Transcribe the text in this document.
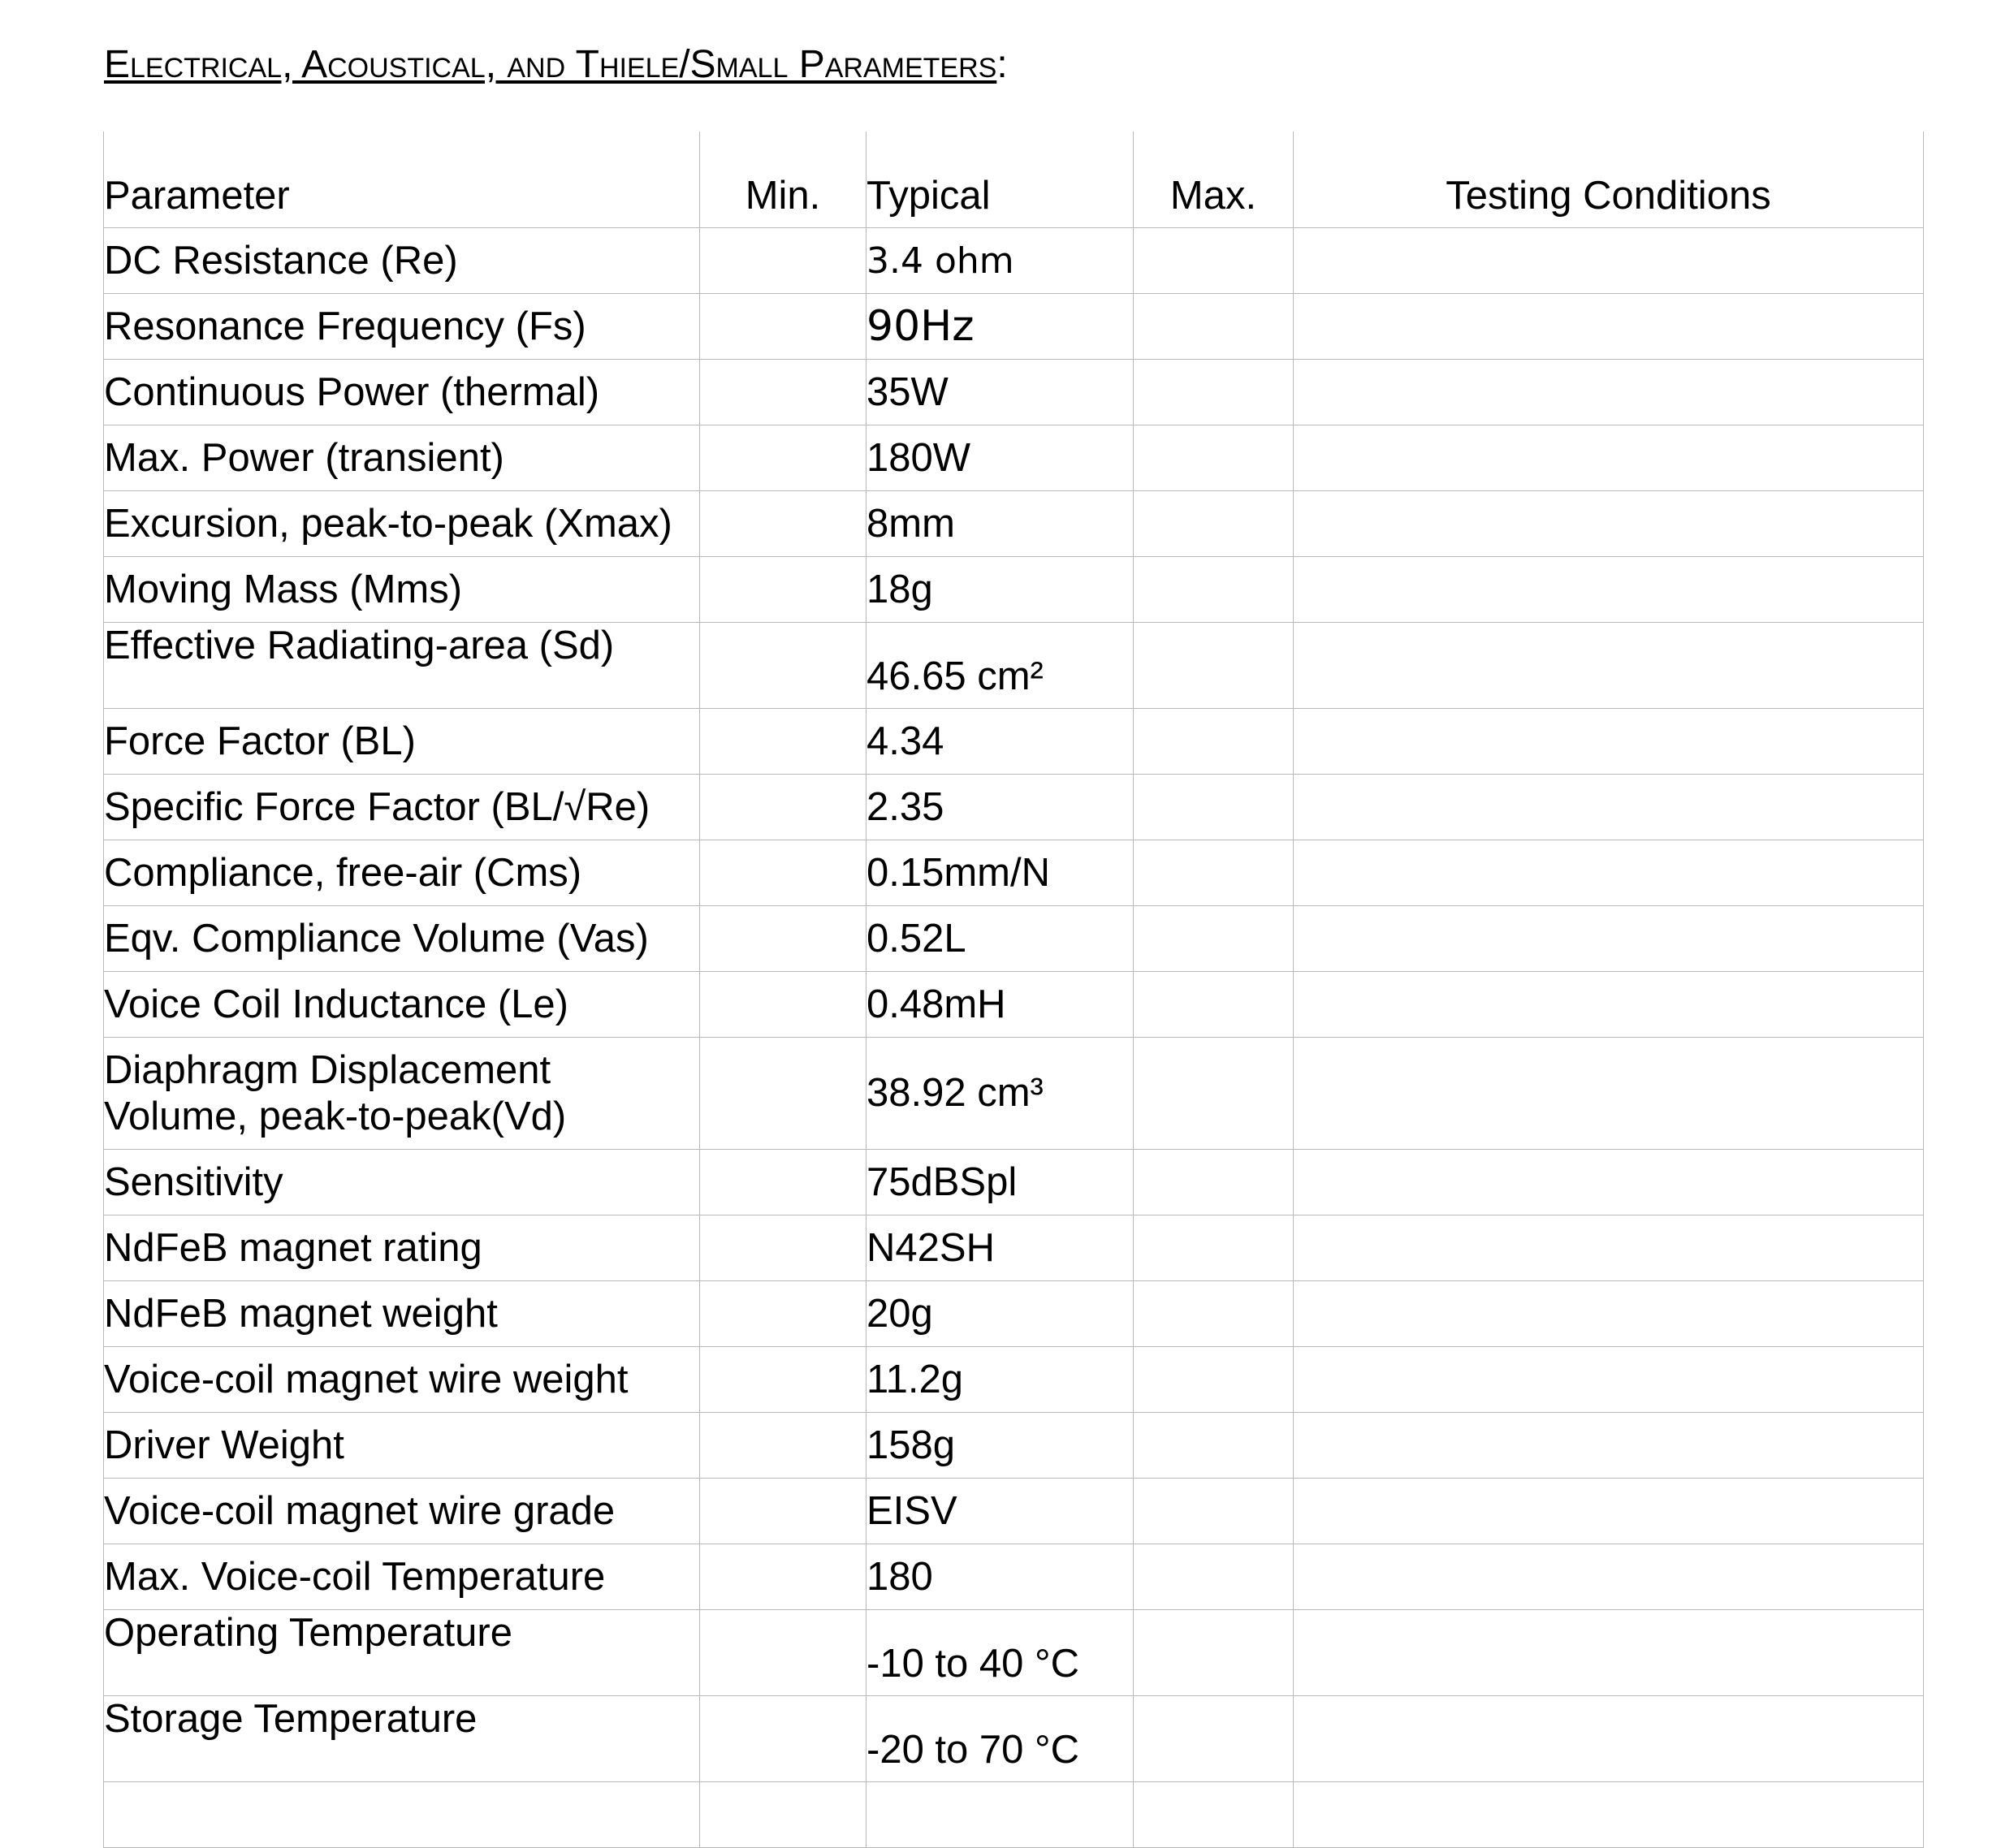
Electrical, Acoustical, and Thiele/Small Parameters:
Parameter	Min.	Typical	Max.	Testing Conditions
DC Resistance (Re)		3.4 ohm		
Resonance Frequency (Fs)		90Hz		
Continuous Power (thermal)		35W		
Max. Power (transient)		180W		
Excursion, peak-to-peak (Xmax)		8mm		
Moving Mass (Mms)		18g		
Effective Radiating-area (Sd)		46.65 cm²		
Force Factor (BL)		4.34		
Specific Force Factor (BL/√Re)		2.35		
Compliance, free-air (Cms)		0.15mm/N		
Eqv. Compliance Volume (Vas)		0.52L		
Voice Coil Inductance (Le)		0.48mH		

Diaphragm Displacement
Volume, peak-to-peak(Vd)		38.92 cm³		
Sensitivity		75dBSpl		
NdFeB magnet rating		N42SH		
NdFeB magnet weight		20g		
Voice-coil magnet wire weight		11.2g		
Driver Weight		158g		
Voice-coil magnet wire grade		EISV		
Max. Voice-coil Temperature		180		
Operating Temperature		-10 to 40 °C		
Storage Temperature		-20 to 70 °C		
